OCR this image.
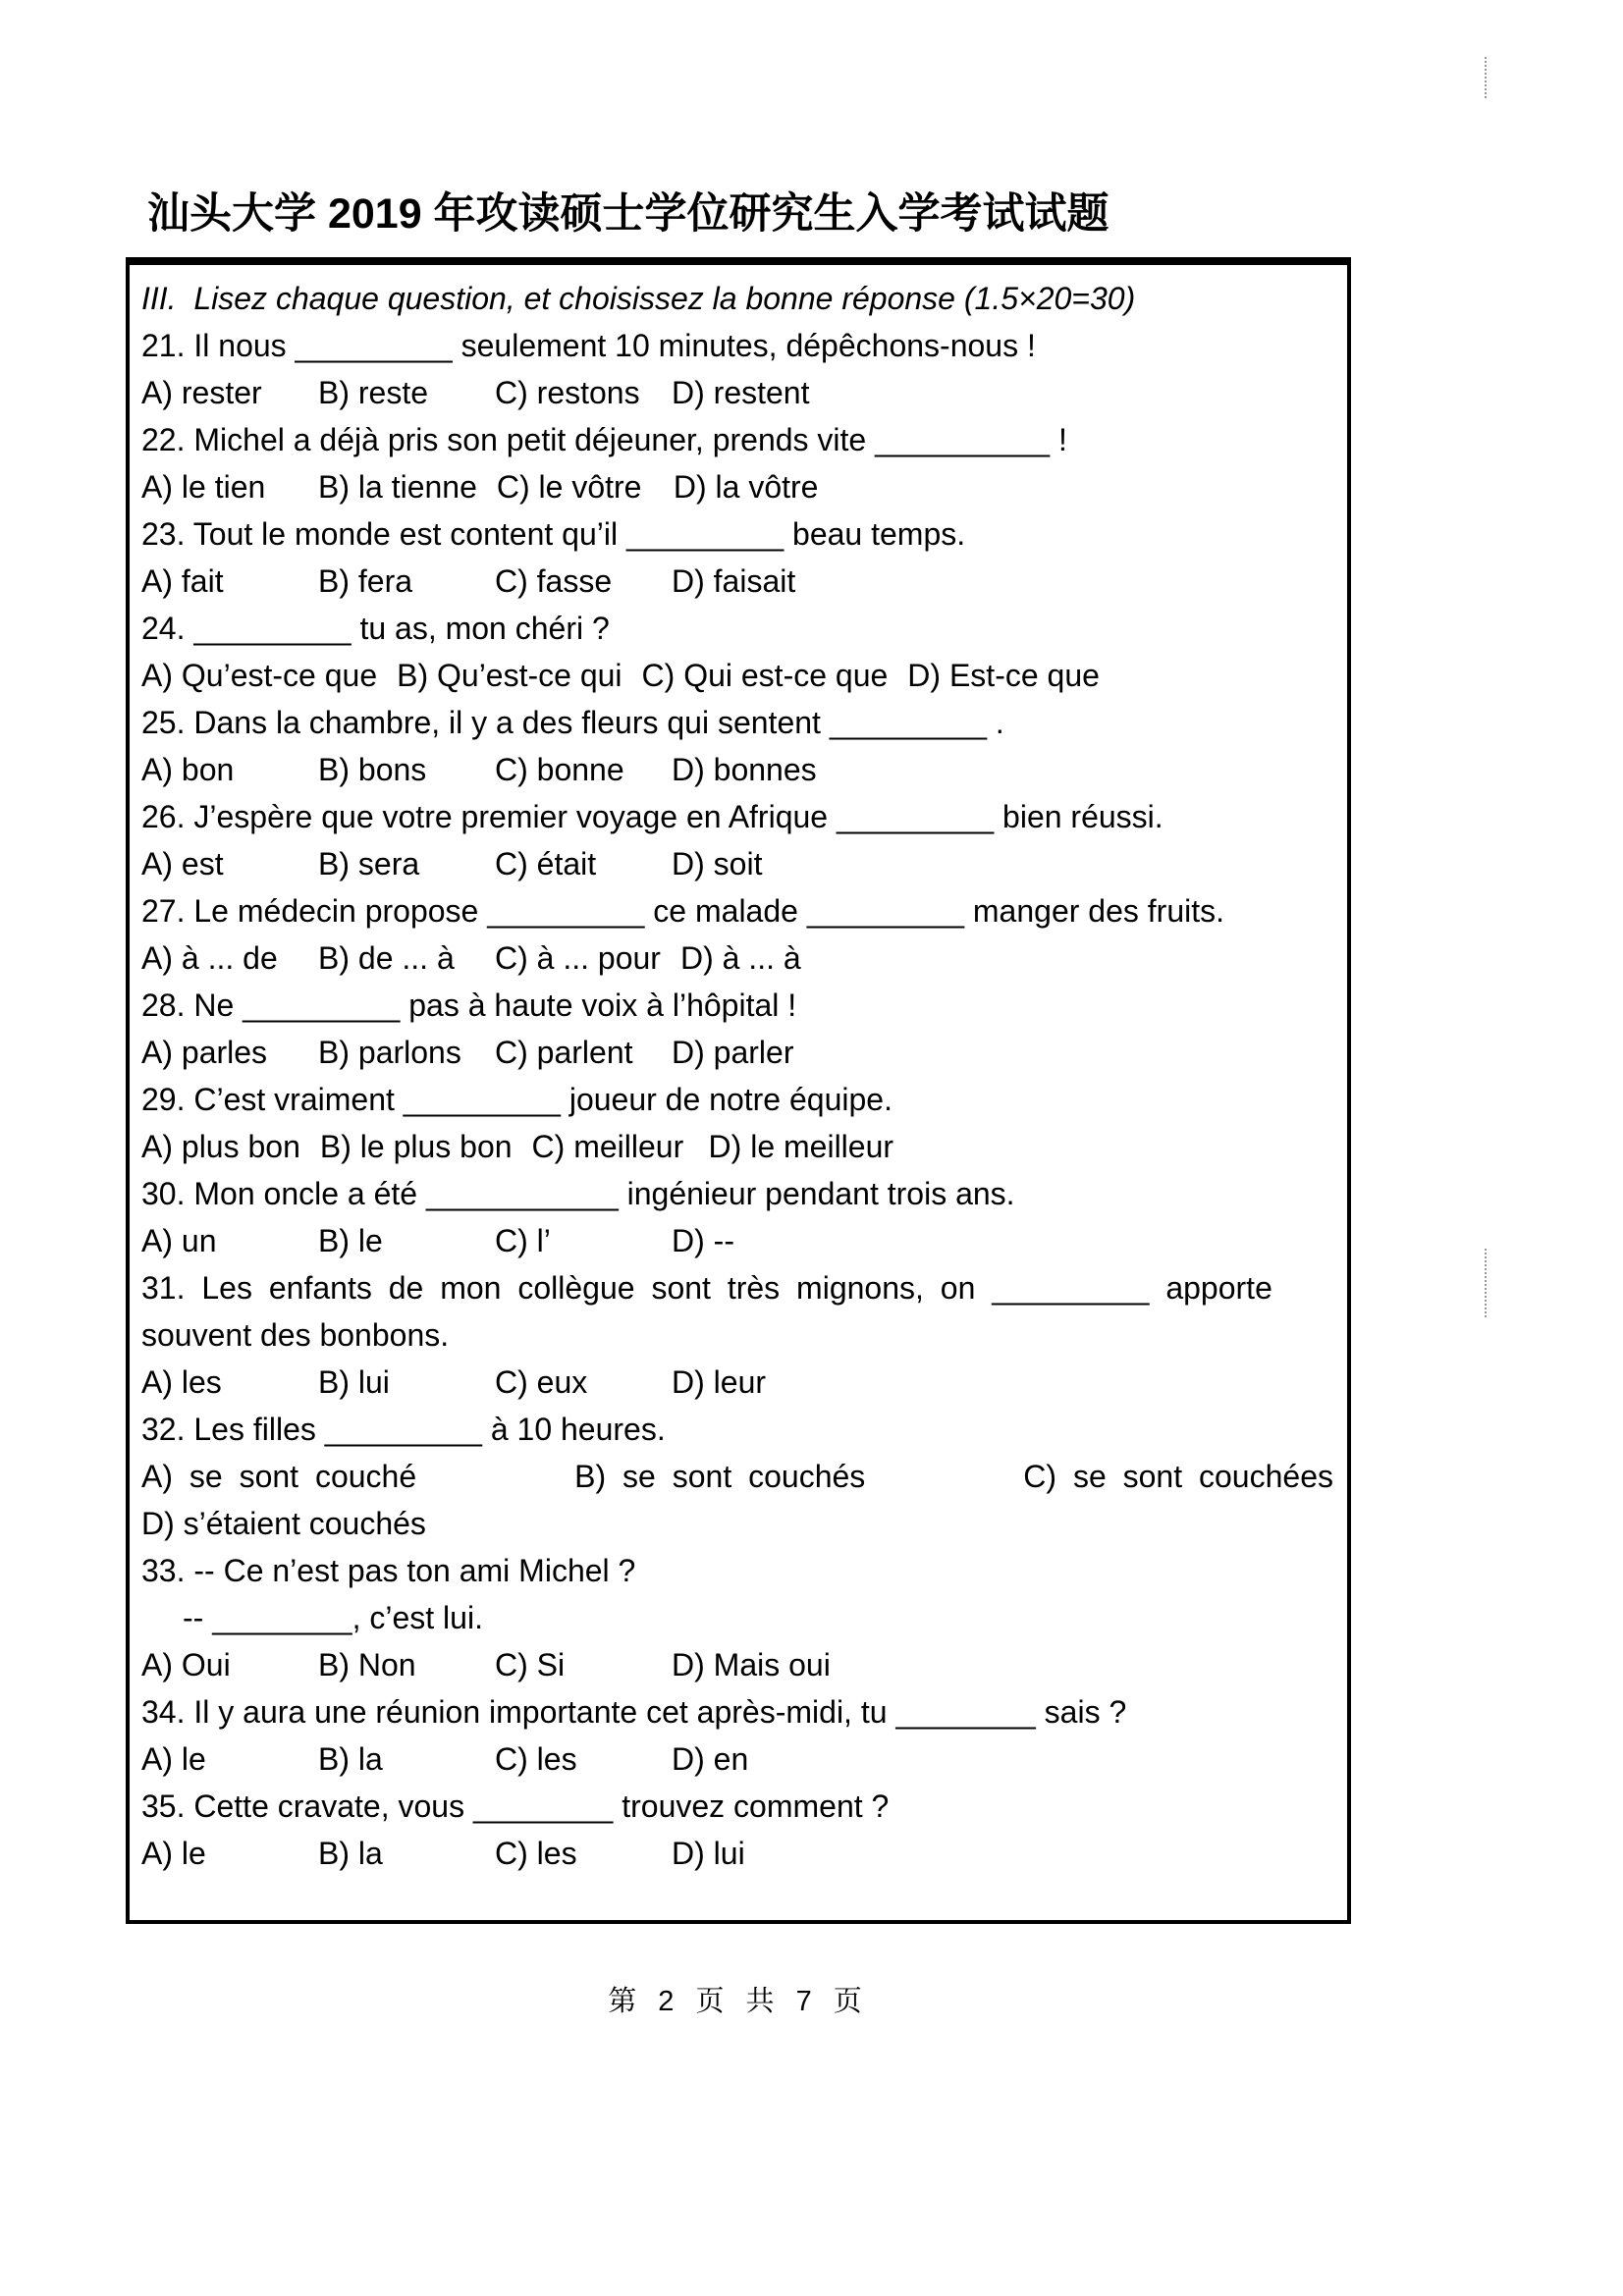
汕头大学 2019 年攻读硕士学位研究生入学考试试题
III.  Lisez chaque question, et choisissez la bonne réponse (1.5×20=30)
21. Il nous _________ seulement 10 minutes, dépêchons-nous !
A) rester	B) reste	C) restons	D) restent
22. Michel a déjà pris son petit déjeuner, prends vite __________ !
A) le tien	B) la tienne C) le vôtre	D) la vôtre
23. Tout le monde est content qu’il _________ beau temps.
A) fait	B) fera	C) fasse	D) faisait
24. _________ tu as, mon chéri ?
A) Qu’est-ce que B) Qu’est-ce qui C) Qui est-ce que D) Est-ce que
25. Dans la chambre, il y a des fleurs qui sentent _________ .
A) bon	B) bons	C) bonne	D) bonnes
26. J’espère que votre premier voyage en Afrique _________ bien réussi.
A) est	B) sera	C) était	D) soit
27. Le médecin propose _________ ce malade _________ manger des fruits.
A) à ... de	B) de ... à	C) à ... pour D) à ... à
28. Ne _________ pas à haute voix à l’hôpital !
A) parles	B) parlons	C) parlent	D) parler
29. C’est vraiment _________ joueur de notre équipe.
A) plus bon B) le plus bon C) meilleur D) le meilleur
30. Mon oncle a été ___________ ingénieur pendant trois ans.
A) un	B) le	C) l’	D) --
31. Les enfants de mon collègue sont très mignons, on _________ apporte
souvent des bonbons.
A) les	B) lui	C) eux	D) leur
32. Les filles _________ à 10 heures.
A) se sont couché	B) se sont couchés	C) se sont couchées
D) s’étaient couchés
33. -- Ce n’est pas ton ami Michel ?
-- ________, c’est lui.
A) Oui	B) Non	C) Si	D) Mais oui
34. Il y aura une réunion importante cet après-midi, tu ________ sais ?
A) le	B) la	C) les	D) en
35. Cette cravate, vous ________ trouvez comment ?
A) le	B) la	C) les	D) lui
第 2 页 共 7 页
